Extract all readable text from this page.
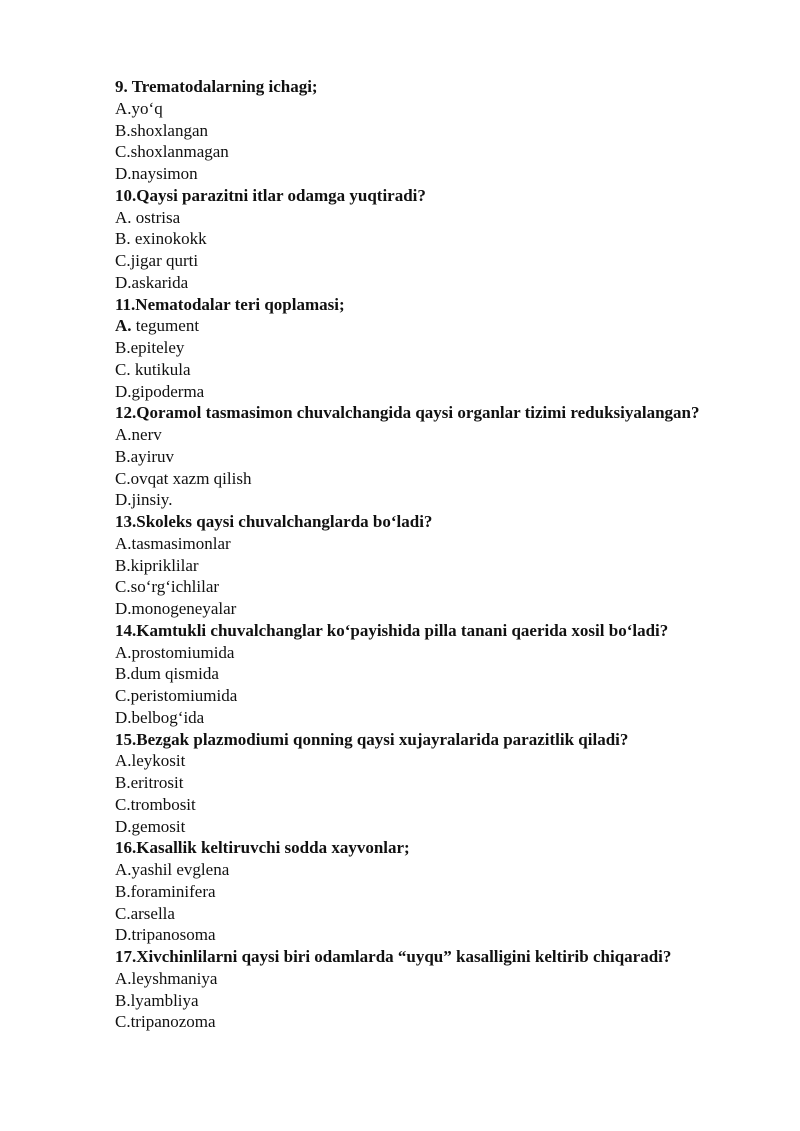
9. Trematodalarning ichagi;

A.yo‘q

B.shoxlangan

C.shoxlanmagan

D.naysimon

10.Qaysi parazitni itlar odamga yuqtiradi?

A. ostrisa

B. exinokokk

C.jigar qurti

D.askarida

11.Nematodalar teri qoplamasi;

A. tegument

B.epiteley

C. kutikula

D.gipoderma

12.Qoramol tasmasimon chuvalchangida qaysi organlar tizimi reduksiyalangan?

A.nerv

B.ayiruv

C.ovqat xazm qilish

D.jinsiy.

13.Skoleks qaysi chuvalchanglarda bo‘ladi?

A.tasmasimonlar

B.kipriklilar

C.so‘rg‘ichlilar

D.monogeneyalar

14.Kamtukli chuvalchanglar ko‘payishida pilla tanani qaerida xosil bo‘ladi?

A.prostomiumida

B.dum qismida

C.peristomiumida

D.belbog‘ida

15.Bezgak plazmodiumi qonning qaysi xujayralarida parazitlik qiladi?

A.leykosit

B.eritrosit

C.trombosit

D.gemosit

16.Kasallik keltiruvchi sodda xayvonlar;

A.yashil evglena

B.foraminifera

C.arsella

D.tripanosoma

17.Xivchinlilarni qaysi biri odamlarda “uyqu” kasalligini keltirib chiqaradi?

A.leyshmaniya

B.lyambliya

C.tripanozoma
